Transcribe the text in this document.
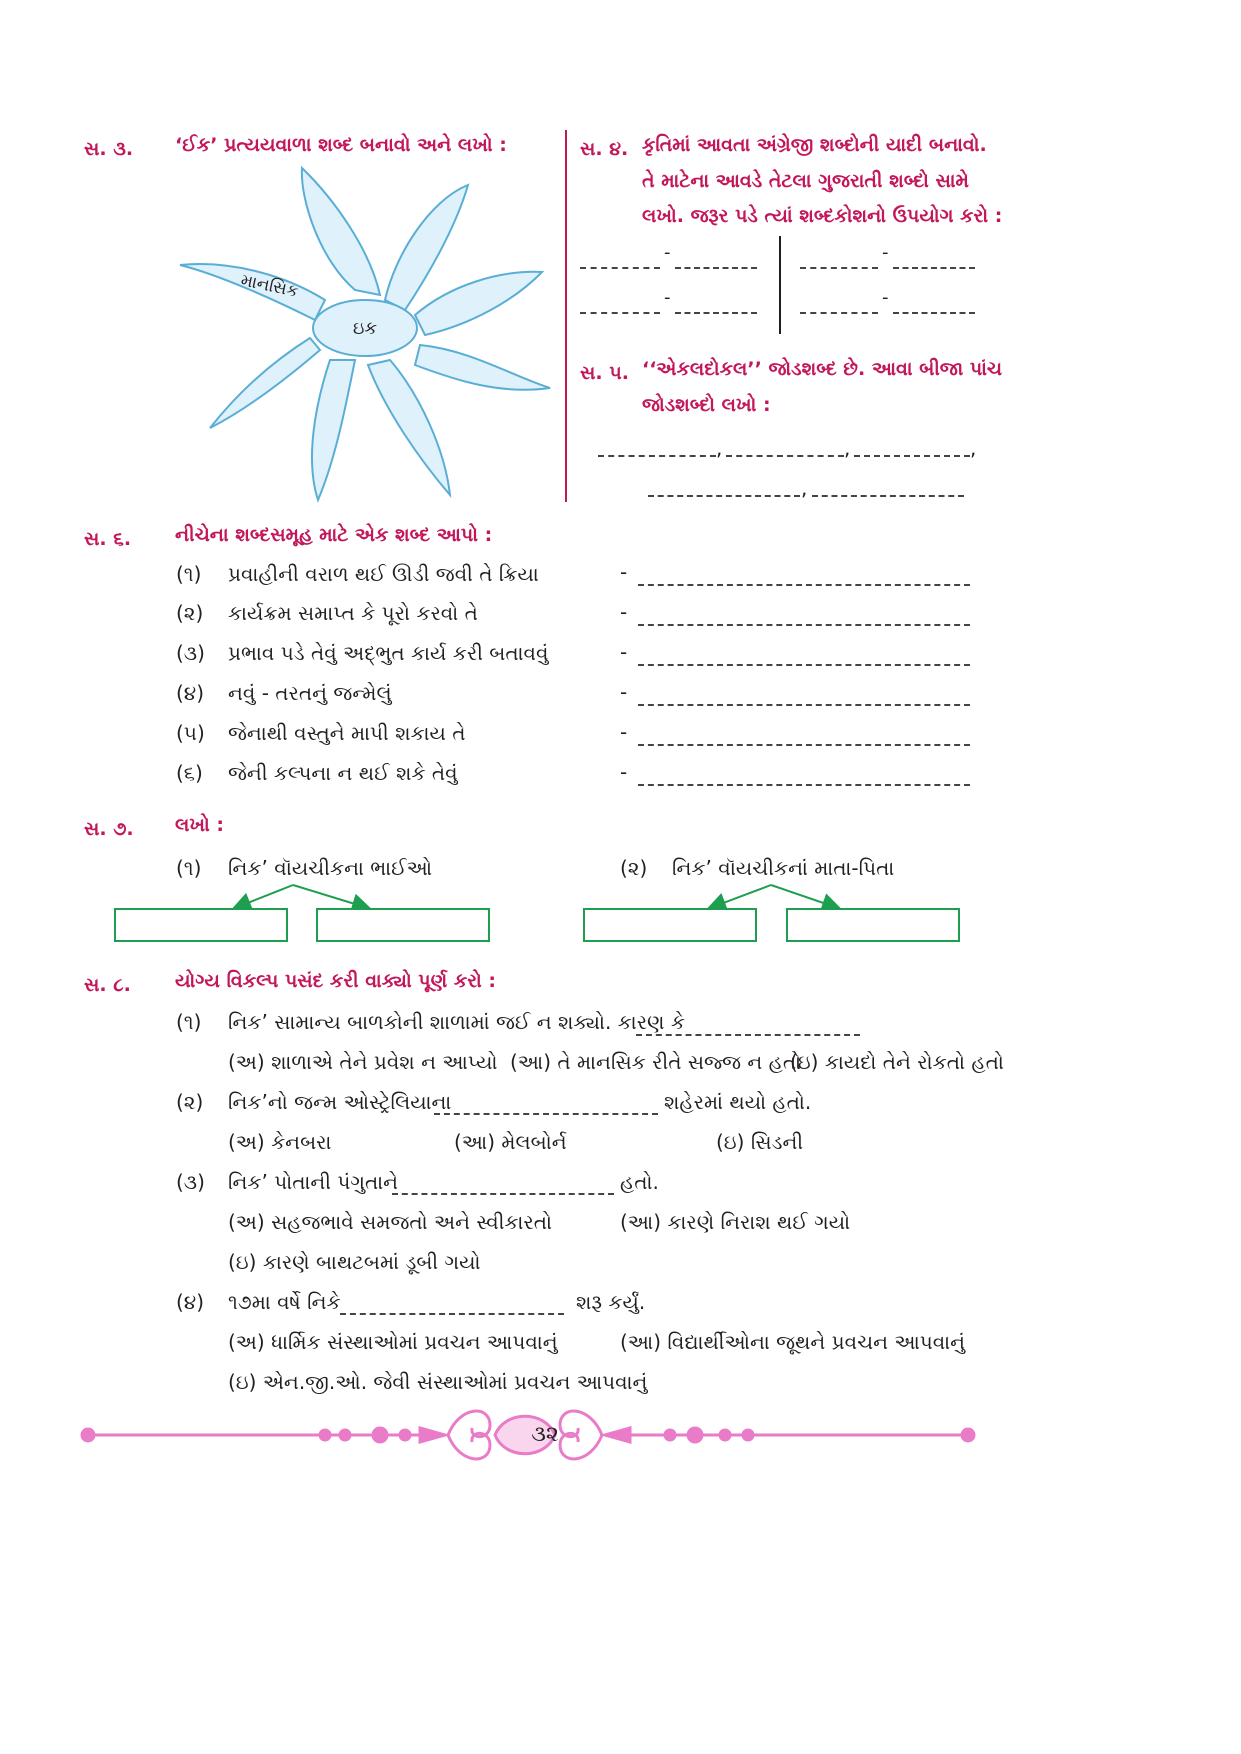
સ. ૩. ‘ઈક’ પ્રત્યયવાળા શબ્દ બનાવો અને લખો :
ઇક
માનસિક
સ. ૪. કૃતિમાં આવતા અંગ્રેજી શબ્દોની યાદી બનાવો.
તે માટેના આવડે તેટલા ગુજરાતી શબ્દો સામે
લખો. જરૂર પડે ત્યાં શબ્દકોશનો ઉપયોગ કરો :
-
-
-
-
સ. ૫. ‘‘એકલદોકલ’’ જોડશબ્દ છે. આવા બીજા પાંચ
જોડશબ્દો લખો :
,	,	,
,
સ. ૬. નીચેના શબ્દસમૂહ માટે એક શબ્દ આપો :
(૧) પ્રવાહીની વરાળ થઈ ઊડી જવી તે ક્રિયા	-
(૨) કાર્યક્રમ સમાપ્ત કે પૂરો કરવો તે	-
(૩) પ્રભાવ પડે તેવું અદ્‌ભુત કાર્ય કરી બતાવવું	-
(૪) નવું - તરતનું જન્મેલું	-
(૫) જેનાથી વસ્તુને માપી શકાય તે	-
(૬) જેની કલ્પના ન થઈ શકે તેવું	-
સ. ૭. લખો :
(૧) નિક’ વૉયચીકના ભાઈઓ	(૨) નિક’ વૉયચીકનાં માતા-પિતા
સ. ૮. યોગ્ય વિકલ્પ પસંદ કરી વાક્યો પૂર્ણ કરો :
(૧) નિક’ સામાન્ય બાળકોની શાળામાં જઈ ન શક્યો. કારણ કે
(અ) શાળાએ તેને પ્રવેશ ન આપ્યો (આ) તે માનસિક રીતે સજ્જ ન હતો
(ઇ) કાયદો તેને રોકતો હતો
(૨) નિક’નો જન્મ ઓસ્ટ્રેલિયાના	શહેરમાં થયો હતો.
(અ) કેનબરા	(આ) મેલબોર્ન	(ઇ) સિડની
(૩) નિક’ પોતાની પંગુતાને	હતો.
(અ) સહજભાવે સમજતો અને સ્વીકારતો	(આ) કારણે નિરાશ થઈ ગયો
(ઇ) કારણે બાથટબમાં ડૂબી ગયો
(૪) ૧૭મા વર્ષે નિકે	શરૂ કર્યું.
(અ) ધાર્મિક સંસ્થાઓમાં પ્રવચન આપવાનું	(આ) વિદ્યાર્થીઓના જૂથને પ્રવચન આપવાનું
(ઇ) એન.જી.ઓ. જેવી સંસ્થાઓમાં પ્રવચન આપવાનું
૩૨
